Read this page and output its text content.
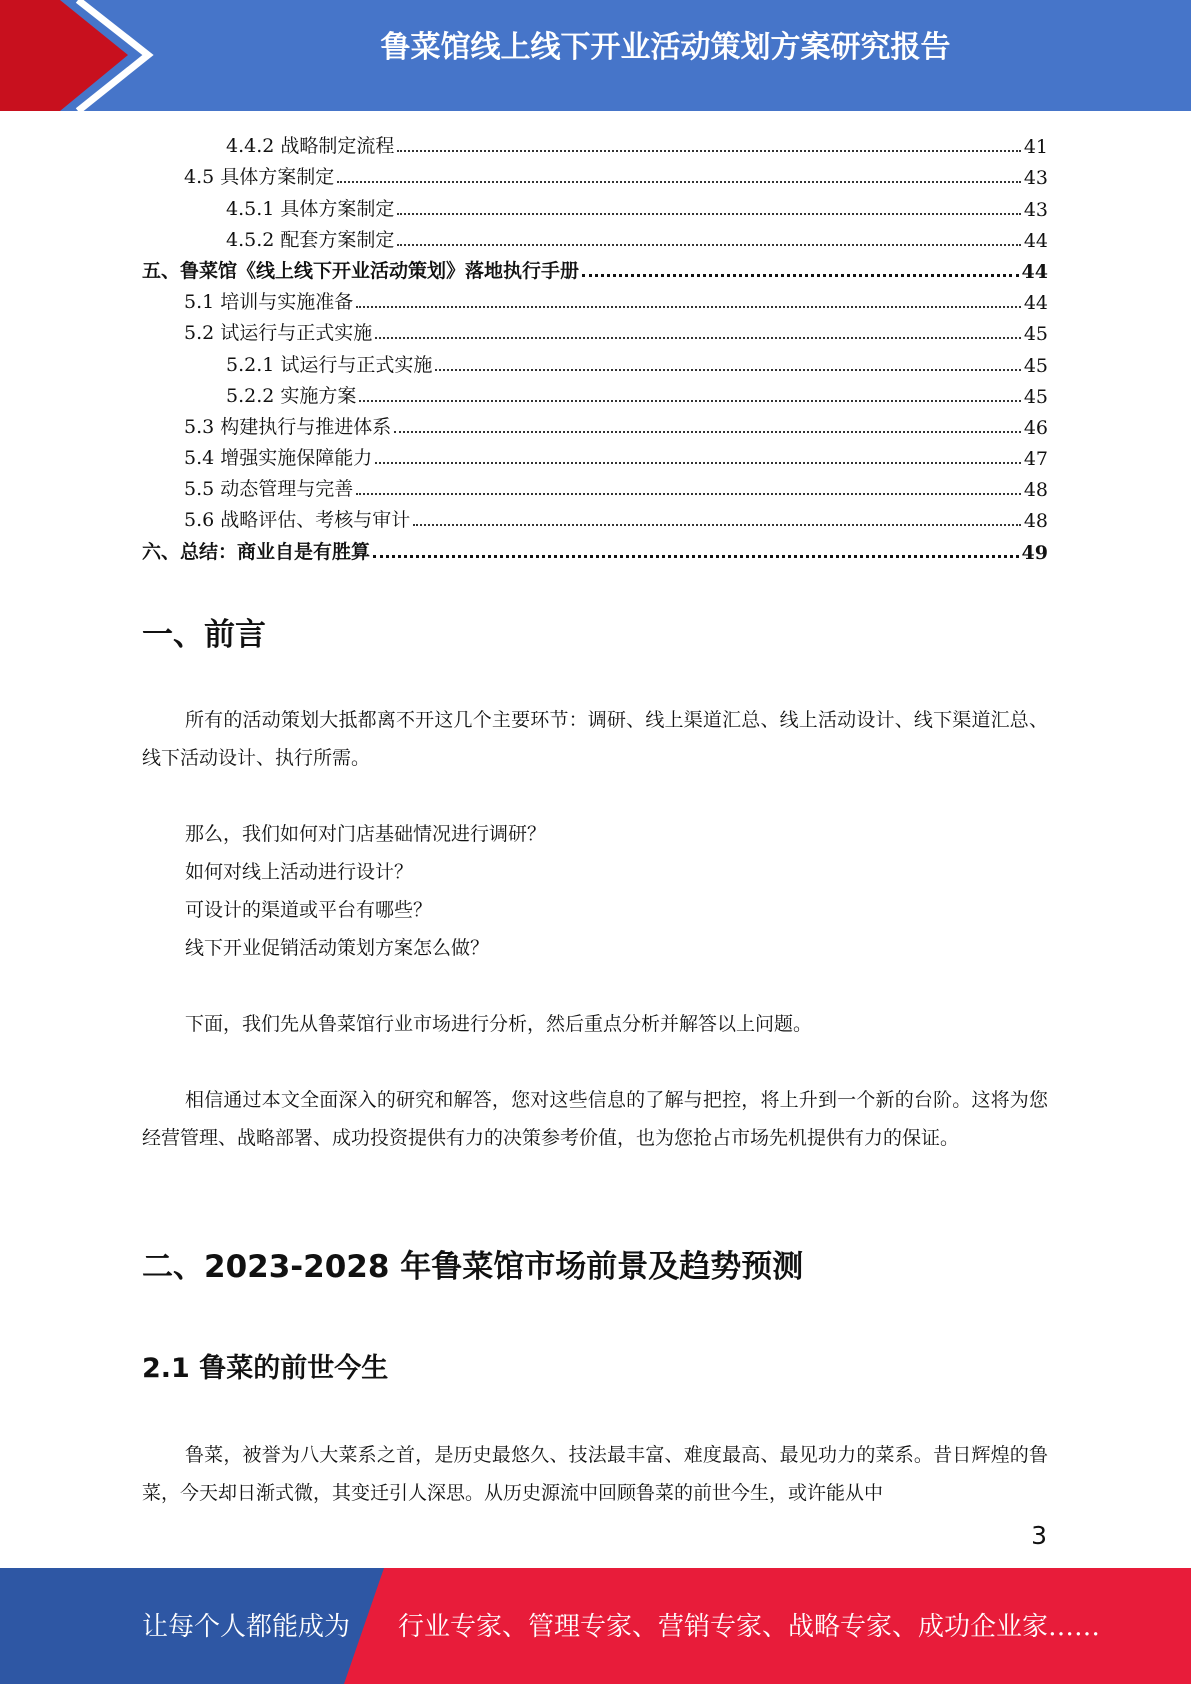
鲁菜馆线上线下开业活动策划方案研究报告
4.4.2 战略制定流程	41
4.5 具体方案制定	43
4.5.1 具体方案制定	43
4.5.2 配套方案制定	44
五、鲁菜馆《线上线下开业活动策划》落地执行手册	44
5.1 培训与实施准备	44
5.2 试运行与正式实施	45
5.2.1 试运行与正式实施	45
5.2.2 实施方案	45
5.3 构建执行与推进体系	46
5.4 增强实施保障能力	47
5.5 动态管理与完善	48
5.6 战略评估、考核与审计	48
六、总结：商业自是有胜算	49
一、前言

所有的活动策划大抵都离不开这几个主要环节：调研、线上渠道汇总、线上活动设计、线下渠道汇总、线下活动设计、执行所需。

那么，我们如何对门店基础情况进行调研？

如何对线上活动进行设计？

可设计的渠道或平台有哪些？

线下开业促销活动策划方案怎么做？

下面，我们先从鲁菜馆行业市场进行分析，然后重点分析并解答以上问题。

相信通过本文全面深入的研究和解答，您对这些信息的了解与把控，将上升到一个新的台阶。这将为您经营管理、战略部署、成功投资提供有力的决策参考价值，也为您抢占市场先机提供有力的保证。

二、2023-2028 年鲁菜馆市场前景及趋势预测
2.1 鲁菜的前世今生

鲁菜，被誉为八大菜系之首，是历史最悠久、技法最丰富、难度最高、最见功力的菜系。昔日辉煌的鲁菜，今天却日渐式微，其变迁引人深思。从历史源流中回顾鲁菜的前世今生，或许能从中

3
让每个人都能成为 行业专家、管理专家、营销专家、战略专家、成功企业家……
